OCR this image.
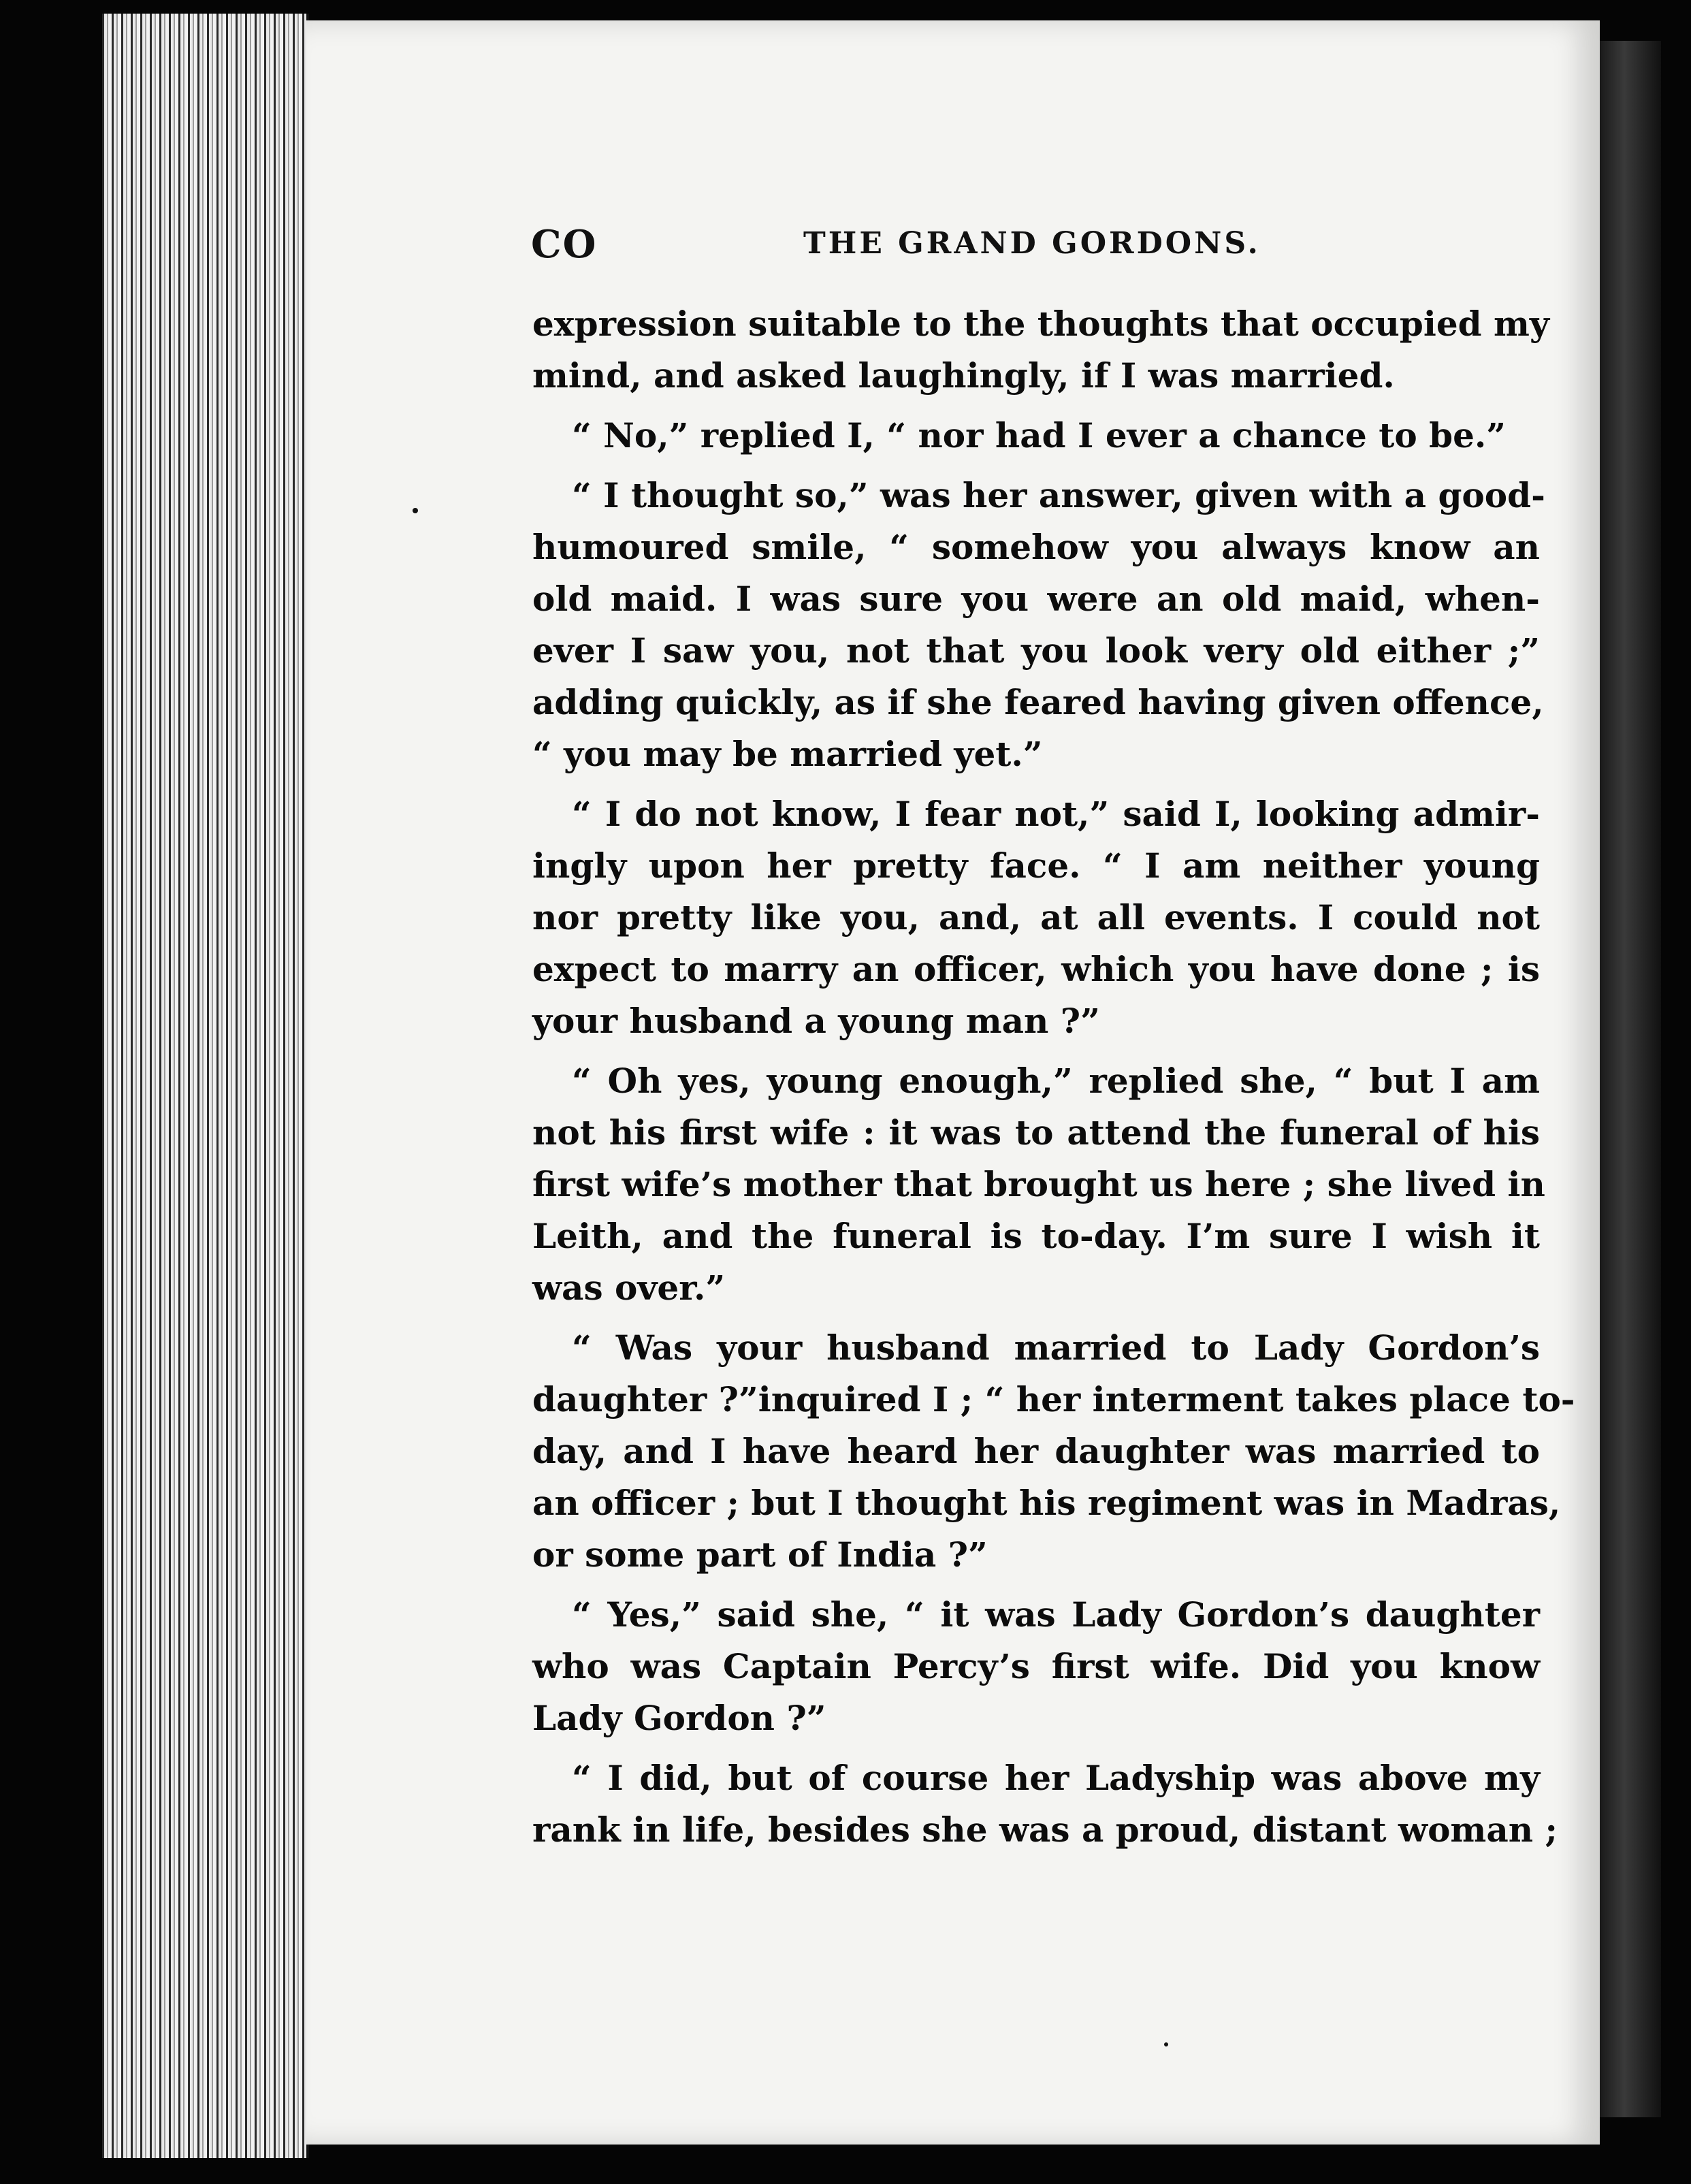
CO	THE GRAND GORDONS.
expression suitable to the thoughts that occupied my
mind, and asked laughingly, if I was married.
“ No,” replied I, “ nor had I ever a chance to be.”
“ I thought so,” was her answer, given with a good-
humoured smile, “ somehow you always know an
old maid. I was sure you were an old maid, when-
ever I saw you, not that you look very old either ;”
adding quickly, as if she feared having given offence,
“ you may be married yet.”
“ I do not know, I fear not,” said I, looking admir-
ingly upon her pretty face. “ I am neither young
nor pretty like you, and, at all events. I could not
expect to marry an officer, which you have done ; is
your husband a young man ?”
“ Oh yes, young enough,” replied she, “ but I am
not his first wife : it was to attend the funeral of his
first wife’s mother that brought us here ; she lived in
Leith, and the funeral is to-day. I’m sure I wish it
was over.”
“ Was your husband married to Lady Gordon’s
daughter ?”inquired I ; “ her interment takes place to-
day, and I have heard her daughter was married to
an officer ; but I thought his regiment was in Madras,
or some part of India ?”
“ Yes,” said she, “ it was Lady Gordon’s daughter
who was Captain Percy’s first wife. Did you know
Lady Gordon ?”
“ I did, but of course her Ladyship was above my
rank in life, besides she was a proud, distant woman ;
